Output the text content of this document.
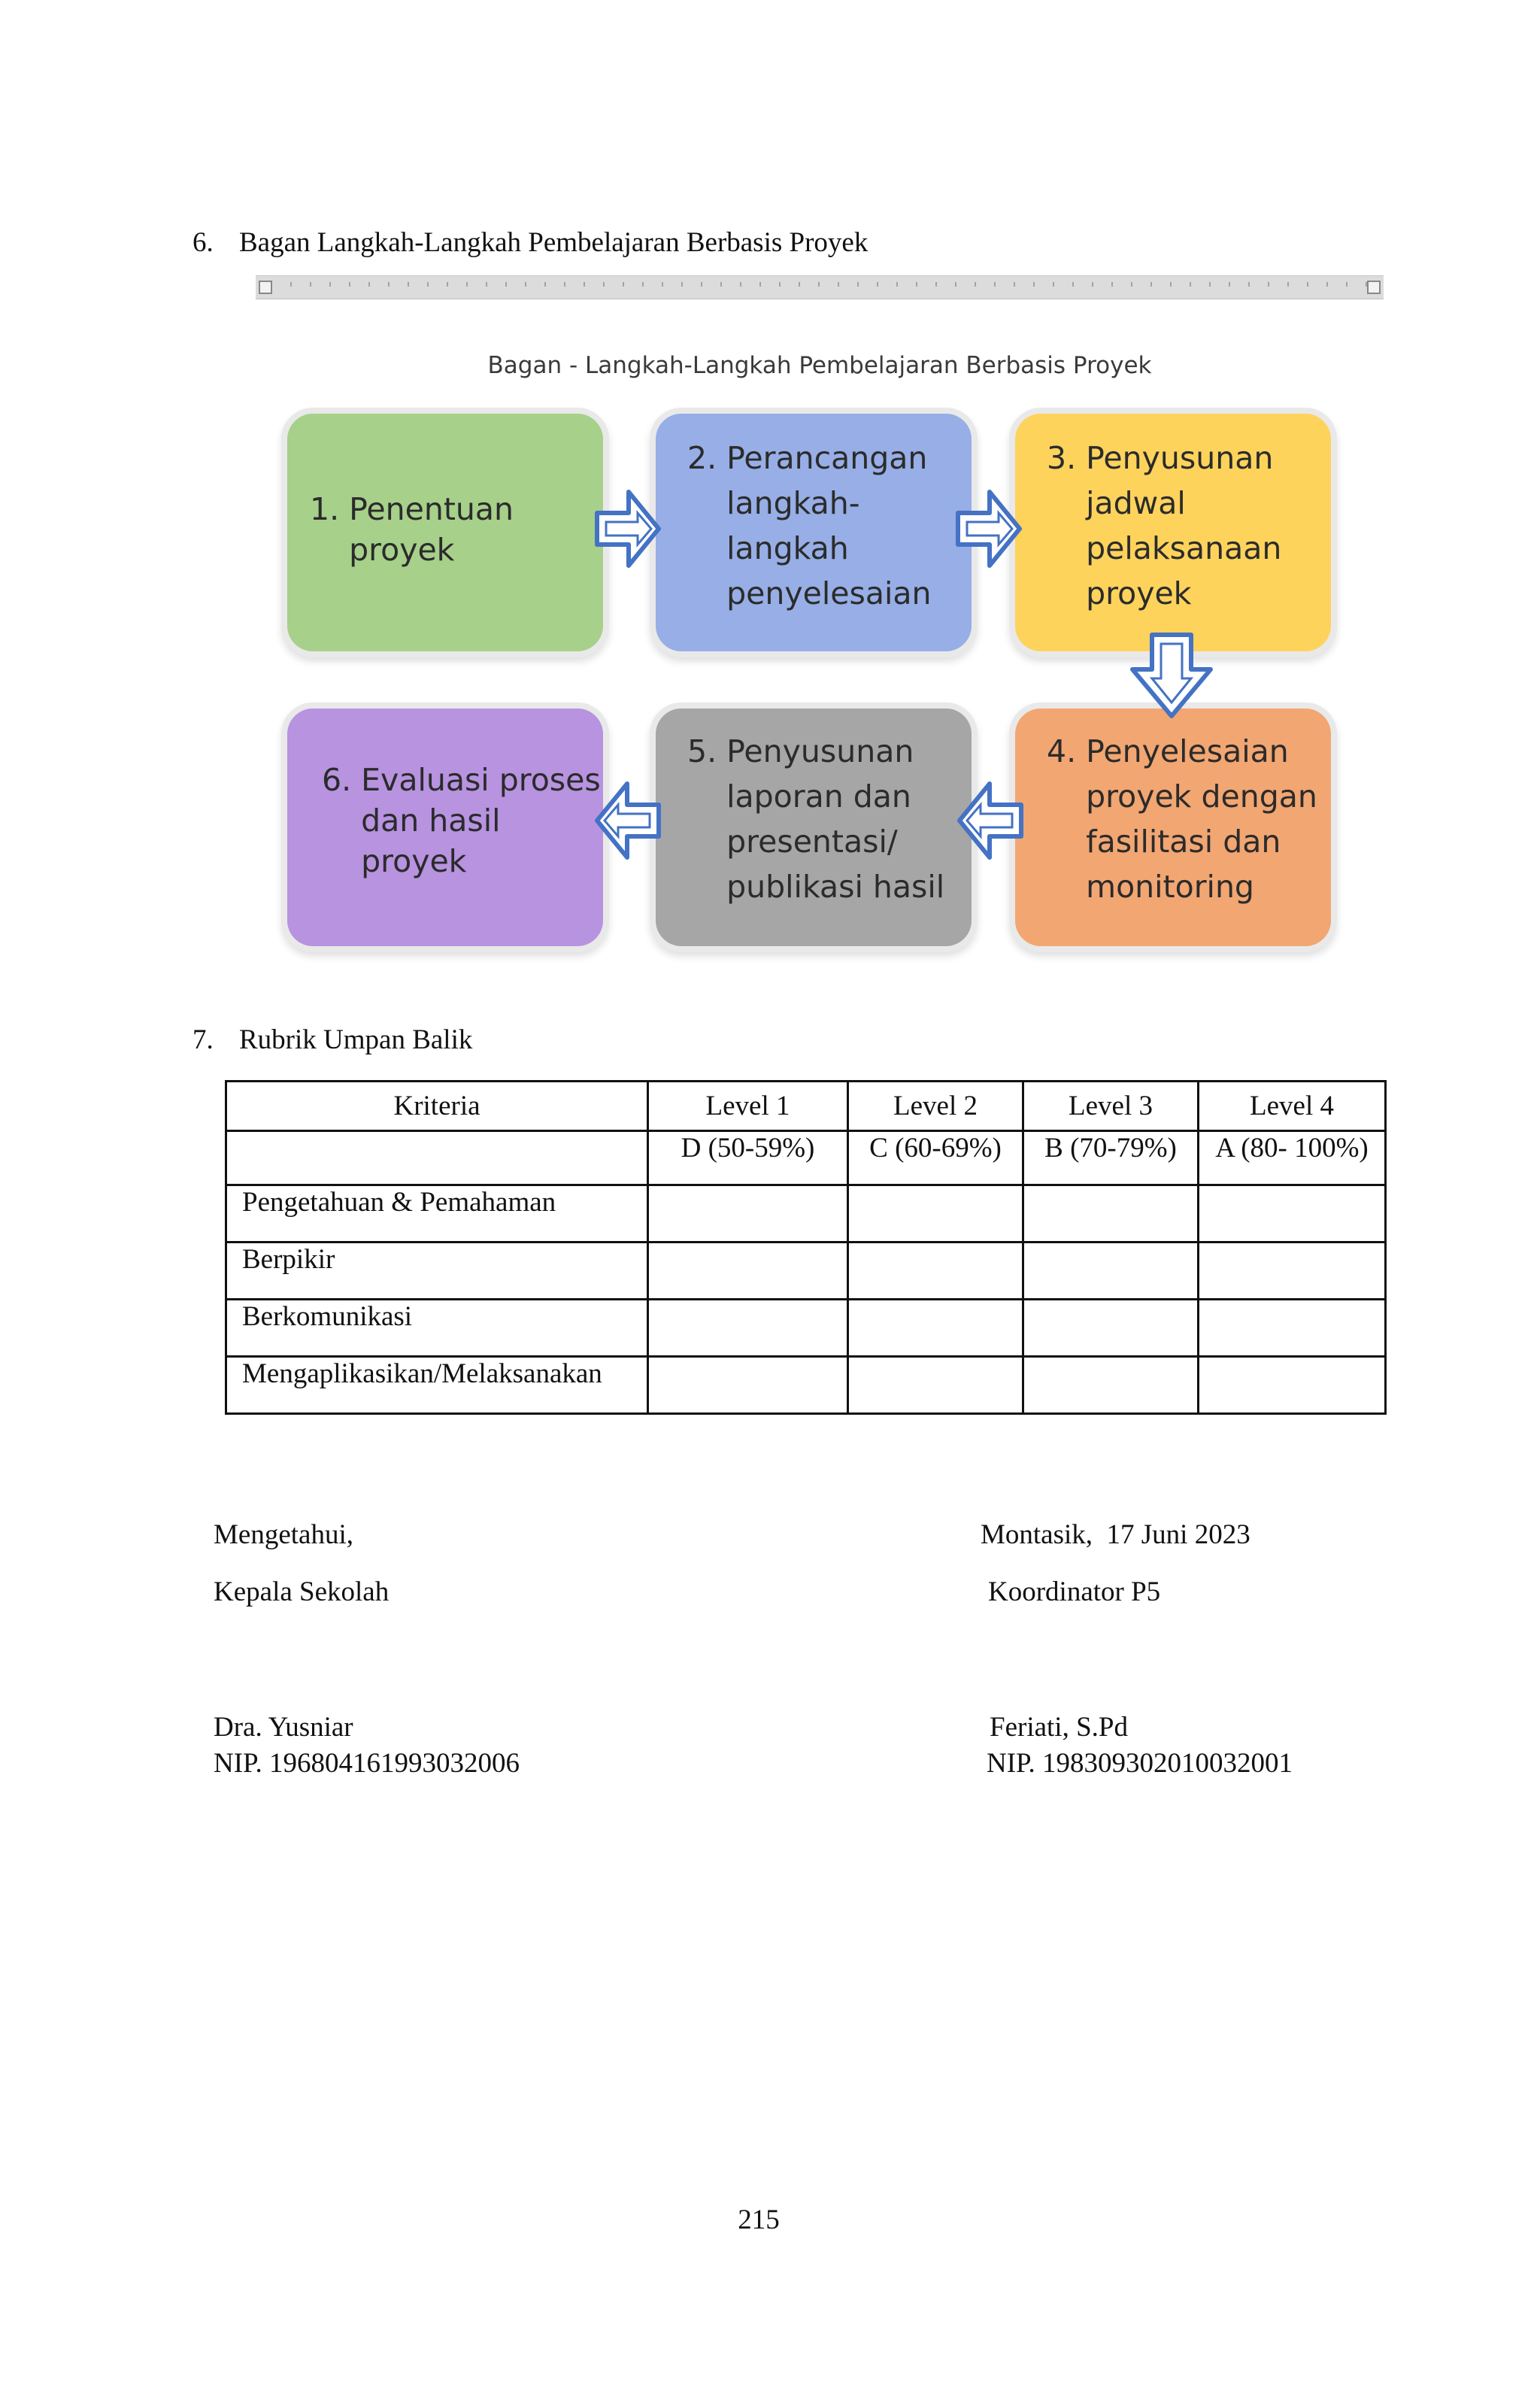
6. Bagan Langkah-Langkah Pembelajaran Berbasis Proyek
Bagan - Langkah-Langkah Pembelajaran Berbasis Proyek
1. Penentuan
proyek
2. Perancangan
langkah-
langkah
penyelesaian
3. Penyusunan
jadwal
pelaksanaan
proyek
4. Penyelesaian
proyek dengan
fasilitasi dan
monitoring
5. Penyusunan
laporan dan
presentasi/
publikasi hasil
6. Evaluasi proses
dan hasil
proyek
7. Rubrik Umpan Balik
Kriteria	Level 1	Level 2	Level 3	Level 4
	D (50-59%)	C (60-69%)	B (70-79%)	A (80- 100%)
Pengetahuan & Pemahaman				
Berpikir				
Berkomunikasi				
Mengaplikasikan/Melaksanakan				
Mengetahui,
Kepala Sekolah
Dra. Yusniar
NIP. 196804161993032006
Montasik,  17 Juni 2023
Koordinator P5
Feriati, S.Pd
NIP. 198309302010032001
215
